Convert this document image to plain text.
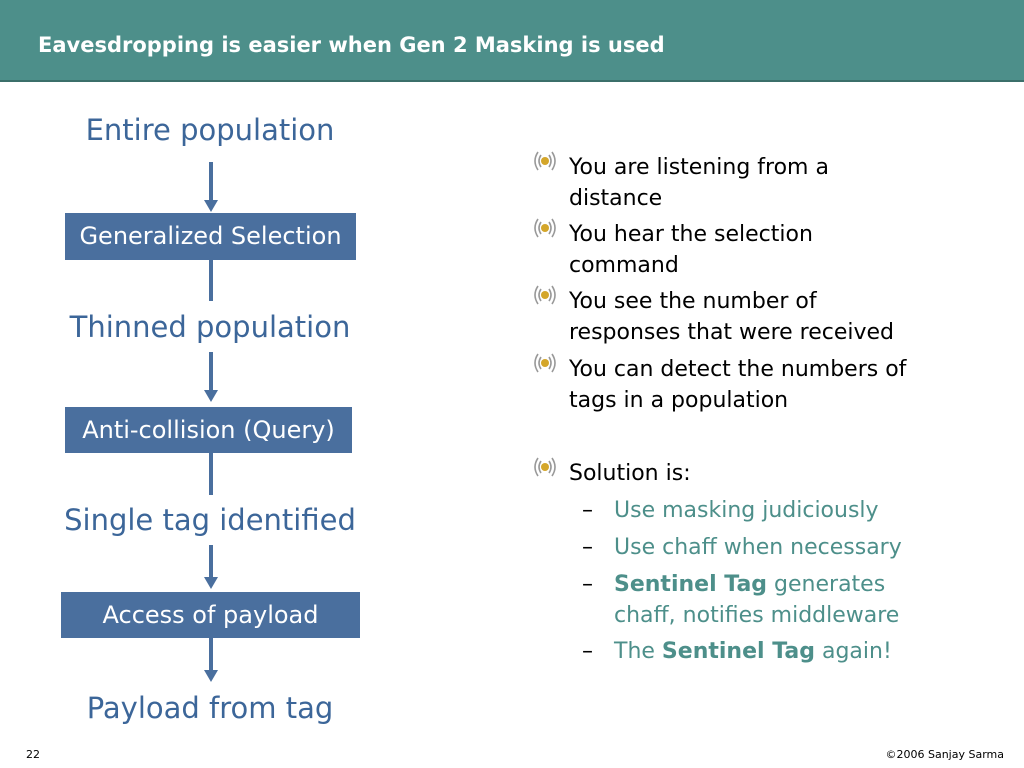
Eavesdropping is easier when Gen 2 Masking is used
Entire population
Generalized Selection
Thinned population
Anti-collision (Query)
Single tag identified
Access of payload
Payload from tag
You are listening from a distance
You hear the selection command
You see the number of responses that were received
You can detect the numbers of tags in a population
Solution is:
– Use masking judiciously
– Use chaff when necessary
– Sentinel Tag generates chaff, notifies middleware
– The Sentinel Tag again!
22	©2006 Sanjay Sarma
